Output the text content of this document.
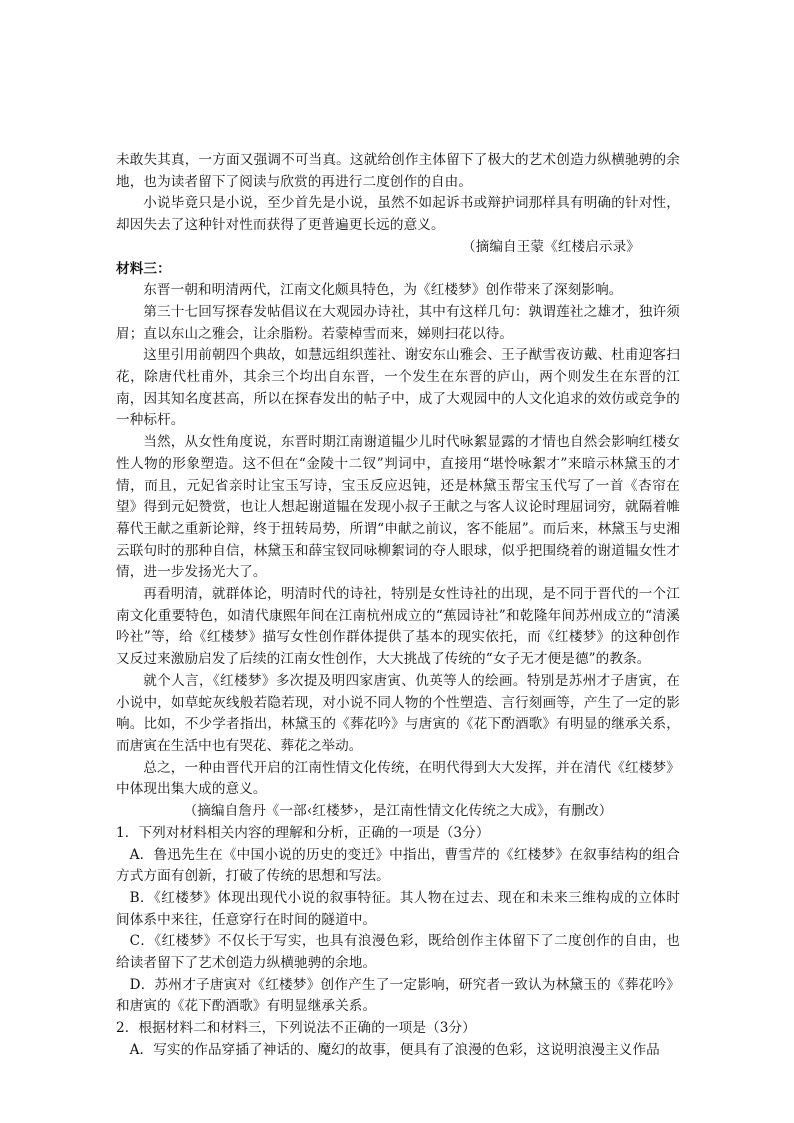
未敢失其真，一方面又强调不可当真。这就给创作主体留下了极大的艺术创造力纵横驰骋的余地，也为读者留下了阅读与欣赏的再进行二度创作的自由。

小说毕竟只是小说，至少首先是小说，虽然不如起诉书或辩护词那样具有明确的针对性，却因失去了这种针对性而获得了更普遍更长远的意义。

（摘编自王蒙《红楼启示录》

材料三：

东晋一朝和明清两代，江南文化颇具特色，为《红楼梦》创作带来了深刻影响。

第三十七回写探春发帖倡议在大观园办诗社，其中有这样几句：孰谓莲社之雄才，独许须眉；直以东山之雅会，让余脂粉。若蒙棹雪而来，娣则扫花以待。

这里引用前朝四个典故，如慧远组织莲社、谢安东山雅会、王子猷雪夜访戴、杜甫迎客扫花，除唐代杜甫外，其余三个均出自东晋，一个发生在东晋的庐山，两个则发生在东晋的江南，因其知名度甚高，所以在探春发出的帖子中，成了大观园中的人文化追求的效仿或竞争的一种标杆。

当然，从女性角度说，东晋时期江南谢道韫少儿时代咏絮显露的才情也自然会影响红楼女性人物的形象塑造。这不但在“金陵十二钗”判词中，直接用“堪怜咏絮才”来暗示林黛玉的才情，而且，元妃省亲时让宝玉写诗，宝玉反应迟钝，还是林黛玉帮宝玉代写了一首《杏帘在望》得到元妃赞赏，也让人想起谢道韫在发现小叔子王献之与客人议论时理屈词穷，就隔着帷幕代王献之重新论辩，终于扭转局势，所谓“申献之前议，客不能屈”。而后来，林黛玉与史湘云联句时的那种自信，林黛玉和薛宝钗同咏柳絮词的夺人眼球，似乎把围绕着的谢道韫女性才情，进一步发扬光大了。

再看明清，就群体论，明清时代的诗社，特别是女性诗社的出现，是不同于晋代的一个江南文化重要特色，如清代康熙年间在江南杭州成立的“蕉园诗社”和乾隆年间苏州成立的“清溪吟社”等，给《红楼梦》描写女性创作群体提供了基本的现实依托，而《红楼梦》的这种创作又反过来激励启发了后续的江南女性创作，大大挑战了传统的“女子无才便是德”的教条。

就个人言，《红楼梦》多次提及明四家唐寅、仇英等人的绘画。特别是苏州才子唐寅，在小说中，如草蛇灰线般若隐若现，对小说不同人物的个性塑造、言行刻画等，产生了一定的影响。比如，不少学者指出，林黛玉的《葬花吟》与唐寅的《花下酌酒歌》有明显的继承关系，而唐寅在生活中也有哭花、葬花之举动。

总之，一种由晋代开启的江南性情文化传统，在明代得到大大发挥，并在清代《红楼梦》中体现出集大成的意义。

（摘编自詹丹《一部‹红楼梦›，是江南性情文化传统之大成》，有删改）

1．下列对材料相关内容的理解和分析，正确的一项是（3分）

A．鲁迅先生在《中国小说的历史的变迁》中指出，曹雪芹的《红楼梦》在叙事结构的组合方式方面有创新，打破了传统的思想和写法。

B．《红楼梦》体现出现代小说的叙事特征。其人物在过去、现在和未来三维构成的立体时间体系中来往，任意穿行在时间的隧道中。

C．《红楼梦》不仅长于写实，也具有浪漫色彩，既给创作主体留下了二度创作的自由，也给读者留下了艺术创造力纵横驰骋的余地。

D．苏州才子唐寅对《红楼梦》创作产生了一定影响，研究者一致认为林黛玉的《葬花吟》和唐寅的《花下酌酒歌》有明显继承关系。

2．根据材料二和材料三，下列说法不正确的一项是（3分）

A．写实的作品穿插了神话的、魔幻的故事，便具有了浪漫的色彩，这说明浪漫主义作品
